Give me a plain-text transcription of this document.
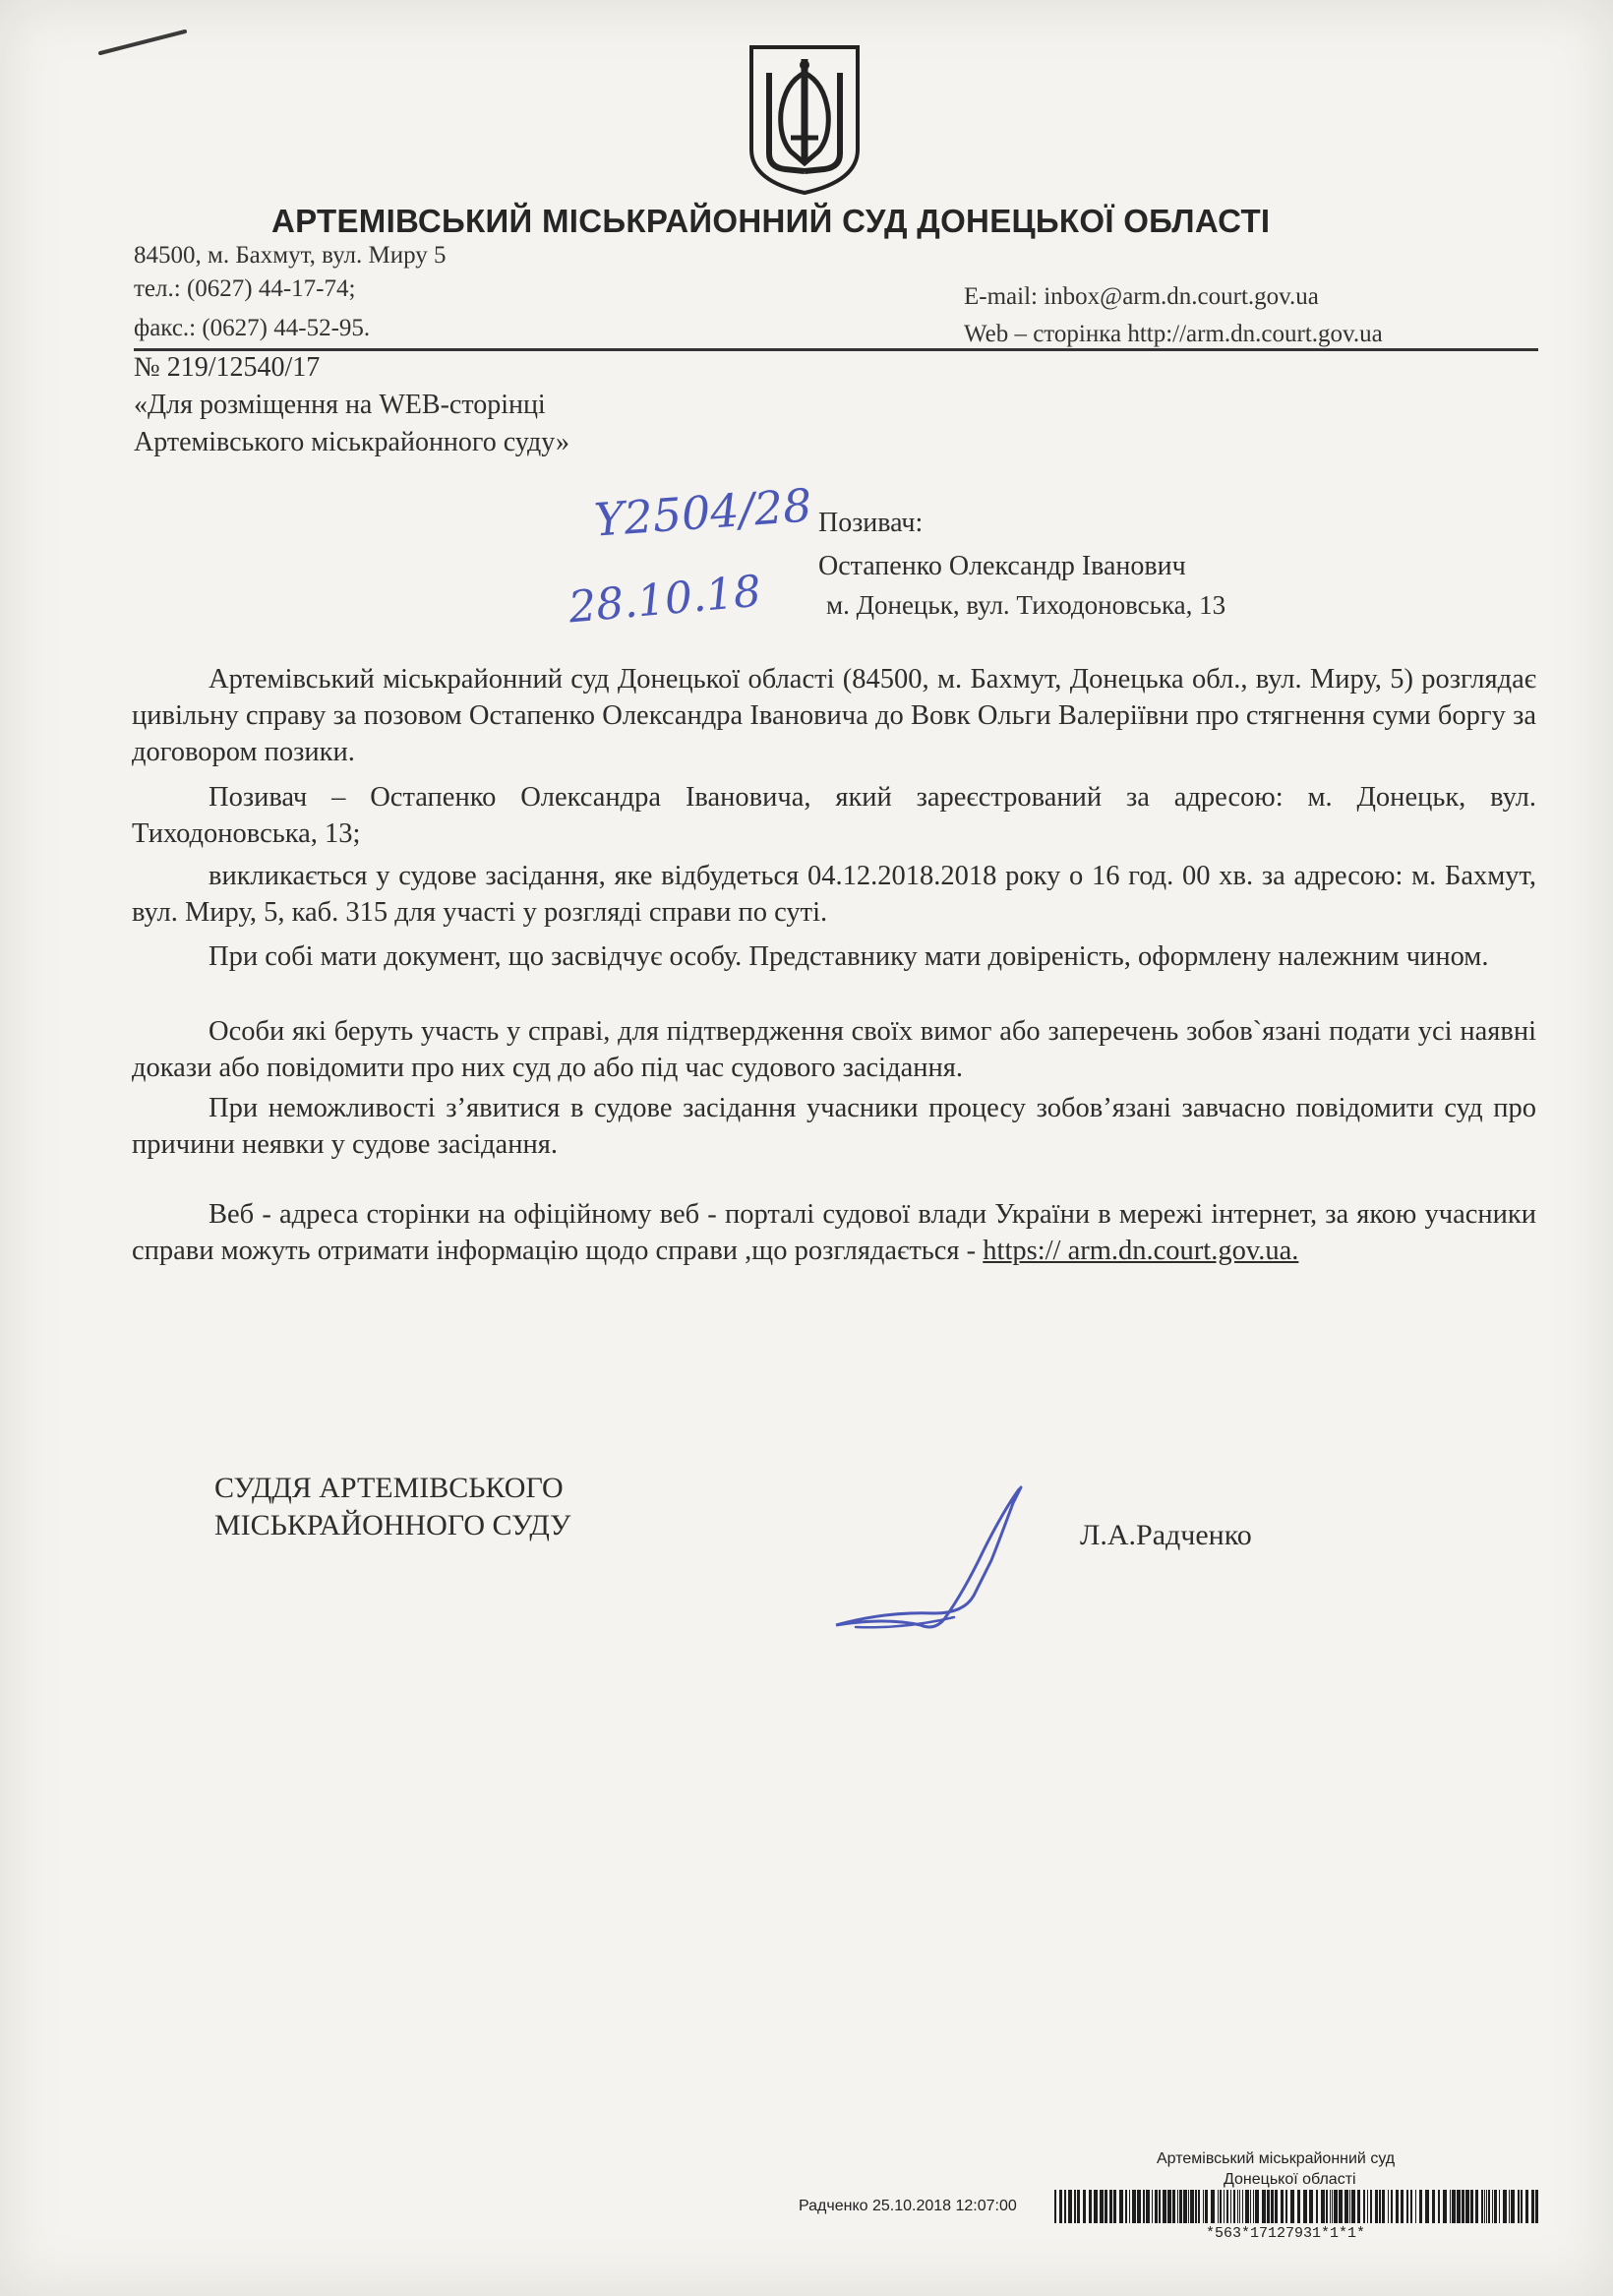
АРТЕМІВСЬКИЙ МІСЬКРАЙОННИЙ СУД ДОНЕЦЬКОЇ ОБЛАСТІ
84500, м. Бахмут, вул. Миру 5
тел.: (0627) 44-17-74;
факс.: (0627) 44-52-95.
E-mail: inbox@arm.dn.court.gov.ua
Web – сторінка http://arm.dn.court.gov.ua
№ 219/12540/17
«Для розміщення на WEB-сторінці
Артемівського міськрайонного суду»
Y2504/28
28.10.18
Позивач:
Остапенко Олександр Іванович
м. Донецьк, вул. Тиходоновська, 13
Артемівський міськрайонний суд Донецької області (84500, м. Бахмут, Донецька обл., вул. Миру, 5) розглядає цивільну справу за позовом Остапенко Олександра Івановича до Вовк Ольги Валеріївни про стягнення суми боргу за договором позики.
Позивач – Остапенко Олександра Івановича, який зареєстрований за адресою: м. Донецьк, вул. Тиходоновська, 13;
викликається у судове засідання, яке відбудеться 04.12.2018.2018 року о 16 год. 00 хв. за адресою: м. Бахмут, вул. Миру, 5, каб. 315 для участі у розгляді справи по суті.
При собі мати документ, що засвідчує особу. Представнику мати довіреність, оформлену належним чином.
Особи які беруть участь у справі, для підтвердження своїх вимог або заперечень зобов`язані подати усі наявні докази або повідомити про них суд до або під час судового засідання.
При неможливості з’явитися в судове засідання учасники процесу зобов’язані завчасно повідомити суд про причини неявки у судове засідання.
Веб - адреса сторінки на офіційному веб - порталі судової влади України в мережі інтернет, за якою учасники справи можуть отримати інформацію щодо справи ,що розглядається - https:// arm.dn.court.gov.ua.
СУДДЯ АРТЕМІВСЬКОГО
МІСЬКРАЙОННОГО СУДУ	Л.А.Радченко
Артемівський міськрайонний суд
Донецької області
Радченко 25.10.2018 12:07:00
*563*17127931*1*1*
